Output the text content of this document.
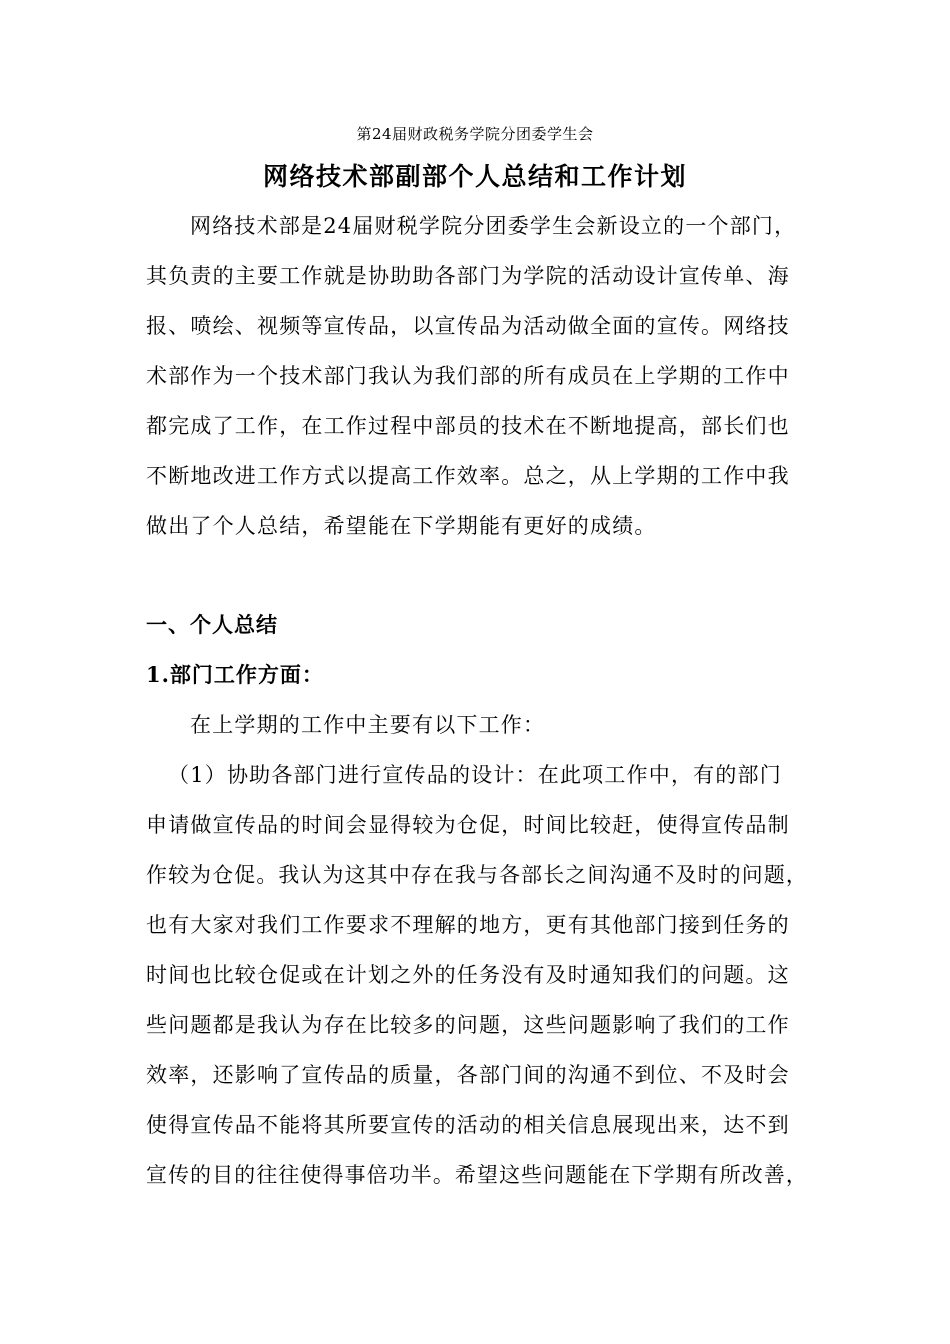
第24届财政税务学院分团委学生会
网络技术部副部个人总结和工作计划
网络技术部是24届财税学院分团委学生会新设立的一个部门，
其负责的主要工作就是协助助各部门为学院的活动设计宣传单、海
报、喷绘、视频等宣传品，以宣传品为活动做全面的宣传。网络技
术部作为一个技术部门我认为我们部的所有成员在上学期的工作中
都完成了工作，在工作过程中部员的技术在不断地提高，部长们也
不断地改进工作方式以提高工作效率。总之，从上学期的工作中我
做出了个人总结，希望能在下学期能有更好的成绩。
一、个人总结
1.部门工作方面：
在上学期的工作中主要有以下工作：
（1）协助各部门进行宣传品的设计：在此项工作中，有的部门
申请做宣传品的时间会显得较为仓促，时间比较赶，使得宣传品制
作较为仓促。我认为这其中存在我与各部长之间沟通不及时的问题，
也有大家对我们工作要求不理解的地方，更有其他部门接到任务的
时间也比较仓促或在计划之外的任务没有及时通知我们的问题。这
些问题都是我认为存在比较多的问题，这些问题影响了我们的工作
效率，还影响了宣传品的质量，各部门间的沟通不到位、不及时会
使得宣传品不能将其所要宣传的活动的相关信息展现出来，达不到
宣传的目的往往使得事倍功半。希望这些问题能在下学期有所改善，
